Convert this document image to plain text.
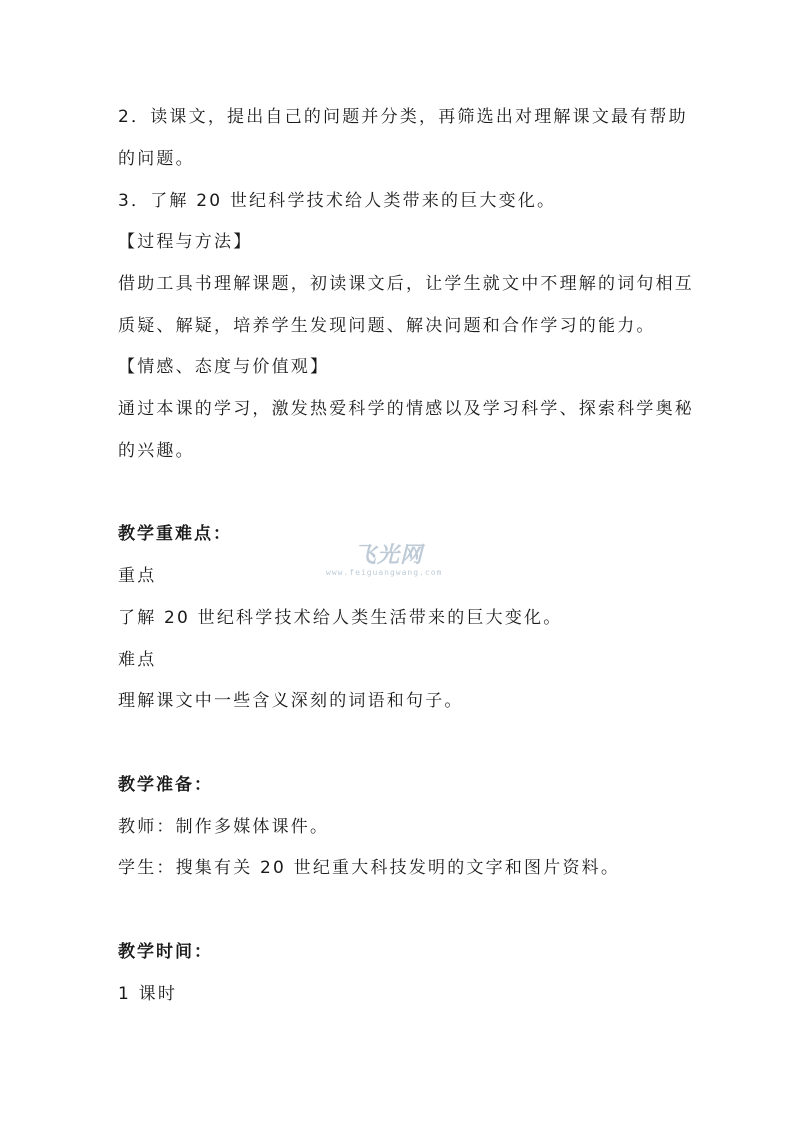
2．读课文，提出自己的问题并分类，再筛选出对理解课文最有帮助
的问题。
3．了解 20 世纪科学技术给人类带来的巨大变化。
【过程与方法】
借助工具书理解课题，初读课文后，让学生就文中不理解的词句相互
质疑、解疑，培养学生发现问题、解决问题和合作学习的能力。
【情感、态度与价值观】
通过本课的学习，激发热爱科学的情感以及学习科学、探索科学奥秘
的兴趣。
教学重难点：
重点
了解 20 世纪科学技术给人类生活带来的巨大变化。
难点
理解课文中一些含义深刻的词语和句子。
教学准备：
教师：制作多媒体课件。
学生：搜集有关 20 世纪重大科技发明的文字和图片资料。
教学时间：
1 课时
飞光网
www.feiguangwang.com
